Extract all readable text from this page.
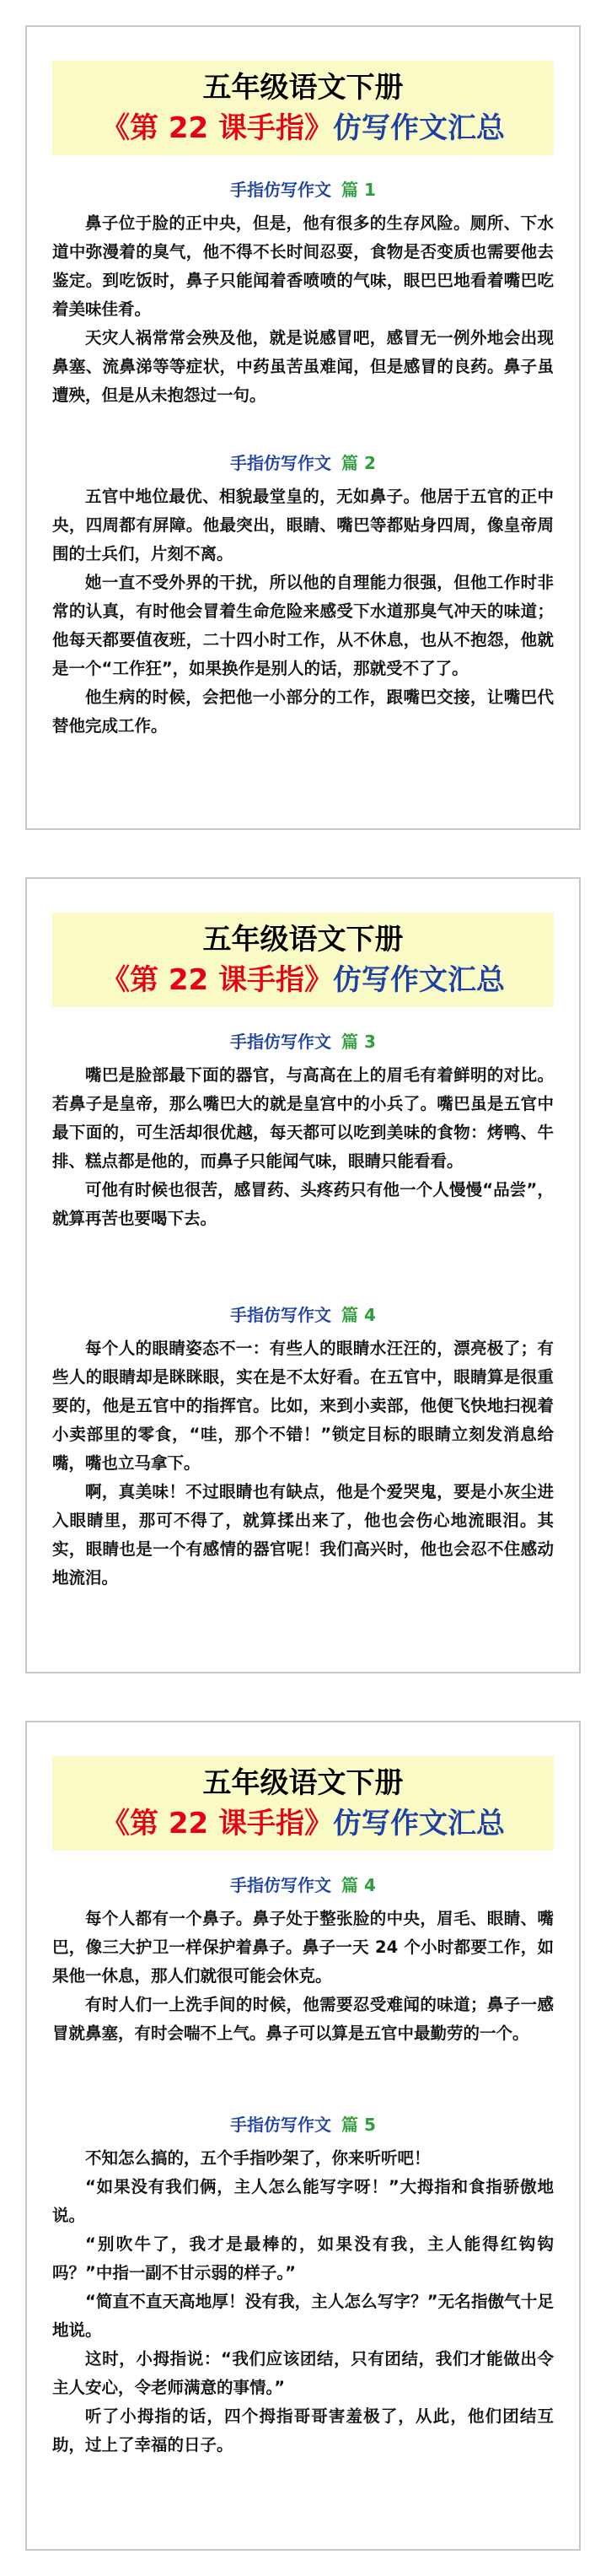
五年级语文下册
《第 22 课手指》仿写作文汇总
手指仿写作文 篇 1

鼻子位于脸的正中央，但是，他有很多的生存风险。厕所、下水道中弥漫着的臭气，他不得不长时间忍耍，食物是否变质也需要他去鉴定。到吃饭时，鼻子只能闻着香喷喷的气味，眼巴巴地看着嘴巴吃着美味佳肴。

天灾人祸常常会殃及他，就是说感冒吧，感冒无一例外地会出现鼻塞、流鼻涕等等症状，中药虽苦虽难闻，但是感冒的良药。鼻子虽遭殃，但是从未抱怨过一句。

手指仿写作文 篇 2

五官中地位最优、相貌最堂皇的，无如鼻子。他居于五官的正中央，四周都有屏障。他最突出，眼睛、嘴巴等都贴身四周，像皇帝周围的士兵们，片刻不离。

她一直不受外界的干扰，所以他的自理能力很强，但他工作时非常的认真，有时他会冒着生命危险来感受下水道那臭气冲天的味道；他每天都要值夜班，二十四小时工作，从不休息，也从不抱怨，他就是一个“工作狂”，如果换作是别人的话，那就受不了了。

他生病的时候，会把他一小部分的工作，跟嘴巴交接，让嘴巴代替他完成工作。

五年级语文下册
《第 22 课手指》仿写作文汇总
手指仿写作文 篇 3

嘴巴是脸部最下面的器官，与高高在上的眉毛有着鲜明的对比。若鼻子是皇帝，那么嘴巴大的就是皇宫中的小兵了。嘴巴虽是五官中最下面的，可生活却很优越，每天都可以吃到美味的食物：烤鸭、牛排、糕点都是他的，而鼻子只能闻气味，眼睛只能看看。

可他有时候也很苦，感冒药、头疼药只有他一个人慢慢“品尝”，就算再苦也要喝下去。

手指仿写作文 篇 4

每个人的眼睛姿态不一：有些人的眼睛水汪汪的，漂亮极了；有些人的眼睛却是眯眯眼，实在是不太好看。在五官中，眼睛算是很重要的，他是五官中的指挥官。比如，来到小卖部，他便飞快地扫视着小卖部里的零食，“哇，那个不错！”锁定目标的眼睛立刻发消息给嘴，嘴也立马拿下。

啊，真美味！不过眼睛也有缺点，他是个爱哭鬼，要是小灰尘进入眼睛里，那可不得了，就算揉出来了，他也会伤心地流眼泪。其实，眼睛也是一个有感情的器官呢！我们高兴时，他也会忍不住感动地流泪。

五年级语文下册
《第 22 课手指》仿写作文汇总
手指仿写作文 篇 4

每个人都有一个鼻子。鼻子处于整张脸的中央，眉毛、眼睛、嘴巴，像三大护卫一样保护着鼻子。鼻子一天 24 个小时都要工作，如果他一休息，那人们就很可能会休克。

有时人们一上洗手间的时候，他需要忍受难闻的味道；鼻子一感冒就鼻塞，有时会喘不上气。鼻子可以算是五官中最勤劳的一个。

手指仿写作文 篇 5

不知怎么搞的，五个手指吵架了，你来听听吧！

“如果没有我们俩，主人怎么能写字呀！”大拇指和食指骄傲地说。

“别吹牛了，我才是最棒的，如果没有我，主人能得红钩钩吗？”中指一副不甘示弱的样子。”

“简直不直天高地厚！没有我，主人怎么写字？”无名指傲气十足地说。

这时，小拇指说：“我们应该团结，只有团结，我们才能做出令主人安心，令老师满意的事情。”

听了小拇指的话，四个拇指哥哥害羞极了，从此，他们团结互助，过上了幸福的日子。
